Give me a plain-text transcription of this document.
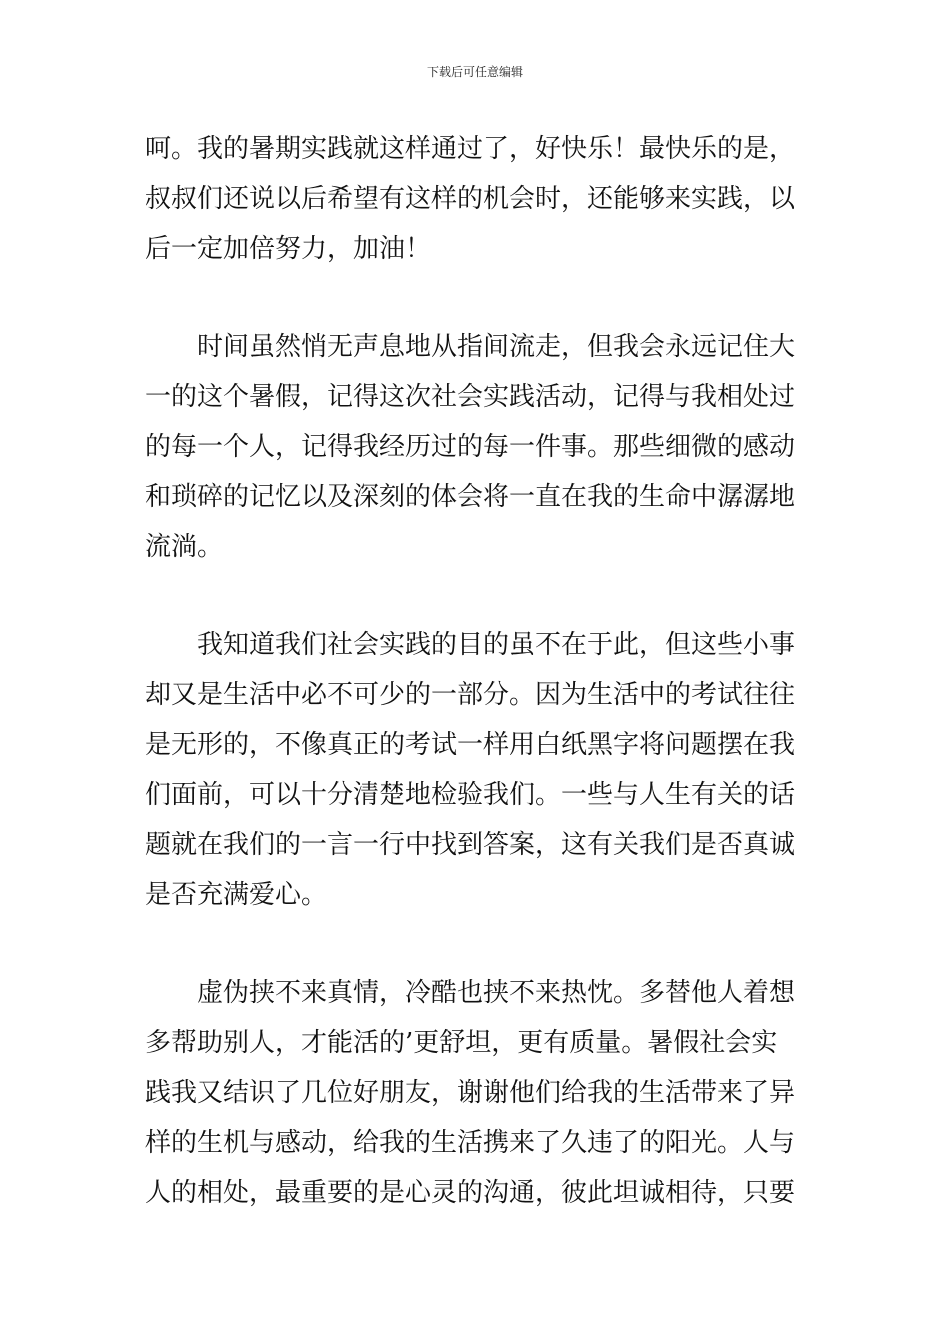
下载后可任意编辑
呵。我的暑期实践就这样通过了，好快乐！最快乐的是，
叔叔们还说以后希望有这样的机会时，还能够来实践，以
后一定加倍努力，加油！
时间虽然悄无声息地从指间流走，但我会永远记住大
一的这个暑假，记得这次社会实践活动，记得与我相处过
的每一个人，记得我经历过的每一件事。那些细微的感动
和琐碎的记忆以及深刻的体会将一直在我的生命中潺潺地
流淌。
我知道我们社会实践的目的虽不在于此，但这些小事
却又是生活中必不可少的一部分。因为生活中的考试往往
是无形的，不像真正的考试一样用白纸黑字将问题摆在我
们面前，可以十分清楚地检验我们。一些与人生有关的话
题就在我们的一言一行中找到答案，这有关我们是否真诚
是否充满爱心。
虚伪挟不来真情，冷酷也挟不来热忱。多替他人着想
多帮助别人，才能活的’更舒坦，更有质量。暑假社会实
践我又结识了几位好朋友，谢谢他们给我的生活带来了异
样的生机与感动，给我的生活携来了久违了的阳光。人与
人的相处，最重要的是心灵的沟通，彼此坦诚相待，只要
